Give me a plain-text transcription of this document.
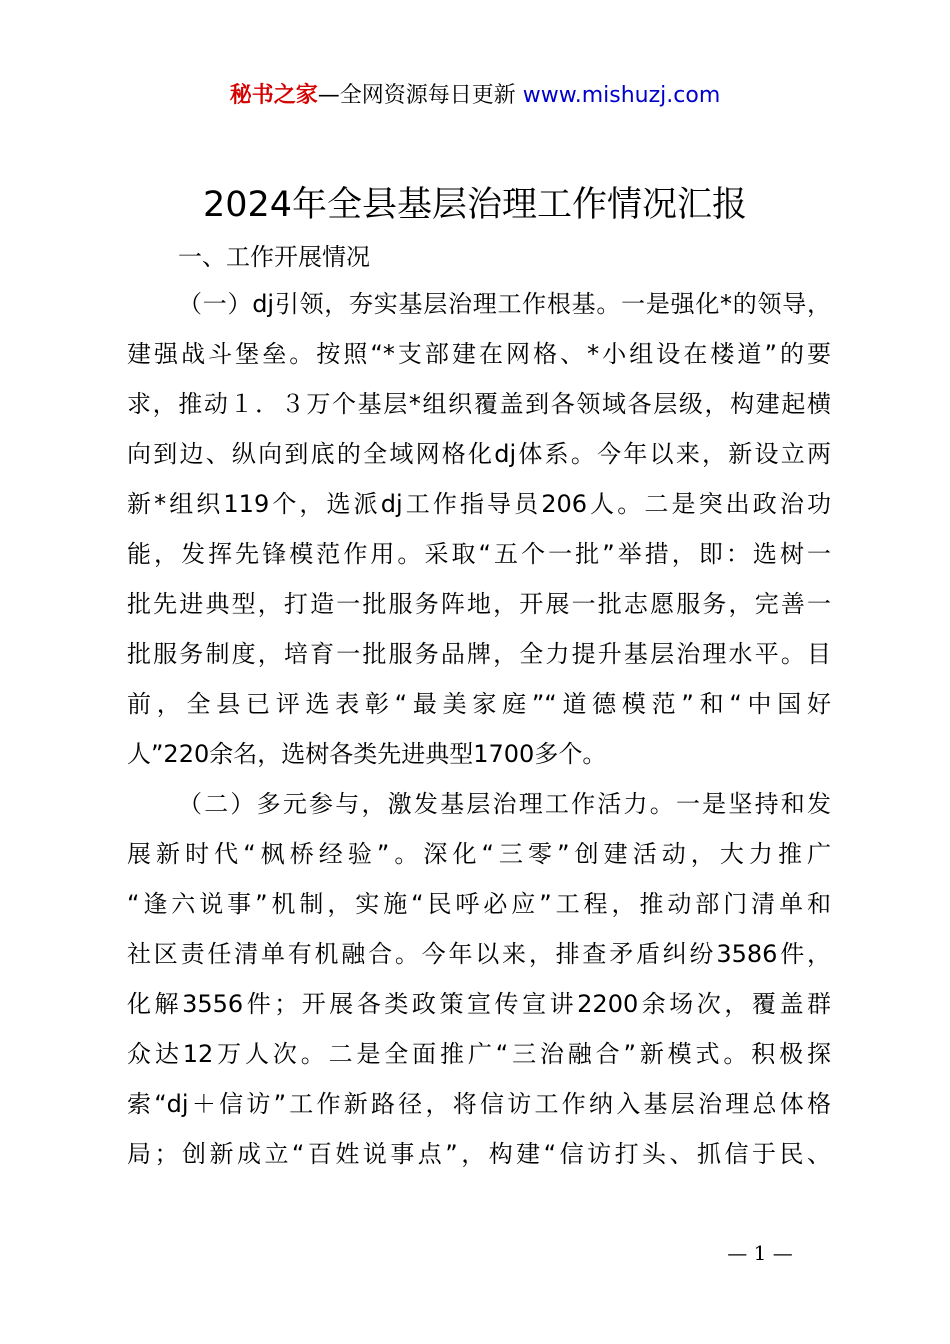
秘书之家—全网资源每日更新 www.mishuzj.com
2024年全县基层治理工作情况汇报
一、工作开展情况
（一）dj引领，夯实基层治理工作根基。一是强化*的领导，
建强战斗堡垒。按照“*支部建在网格、*小组设在楼道”的要
求，推动１．３万个基层*组织覆盖到各领域各层级，构建起横
向到边、纵向到底的全域网格化dj体系。今年以来，新设立两
新*组织119个，选派dj工作指导员206人。二是突出政治功
能，发挥先锋模范作用。采取“五个一批”举措，即：选树一
批先进典型，打造一批服务阵地，开展一批志愿服务，完善一
批服务制度，培育一批服务品牌，全力提升基层治理水平。目
前，全县已评选表彰“最美家庭”“道德模范”和“中国好
人”220余名，选树各类先进典型1700多个。
（二）多元参与，激发基层治理工作活力。一是坚持和发
展新时代“枫桥经验”。深化“三零”创建活动，大力推广
“逢六说事”机制，实施“民呼必应”工程，推动部门清单和
社区责任清单有机融合。今年以来，排查矛盾纠纷3586件，
化解3556件；开展各类政策宣传宣讲2200余场次，覆盖群
众达12万人次。二是全面推广“三治融合”新模式。积极探
索“dj＋信访”工作新路径，将信访工作纳入基层治理总体格
局；创新成立“百姓说事点”，构建“信访打头、抓信于民、
— 1 —
